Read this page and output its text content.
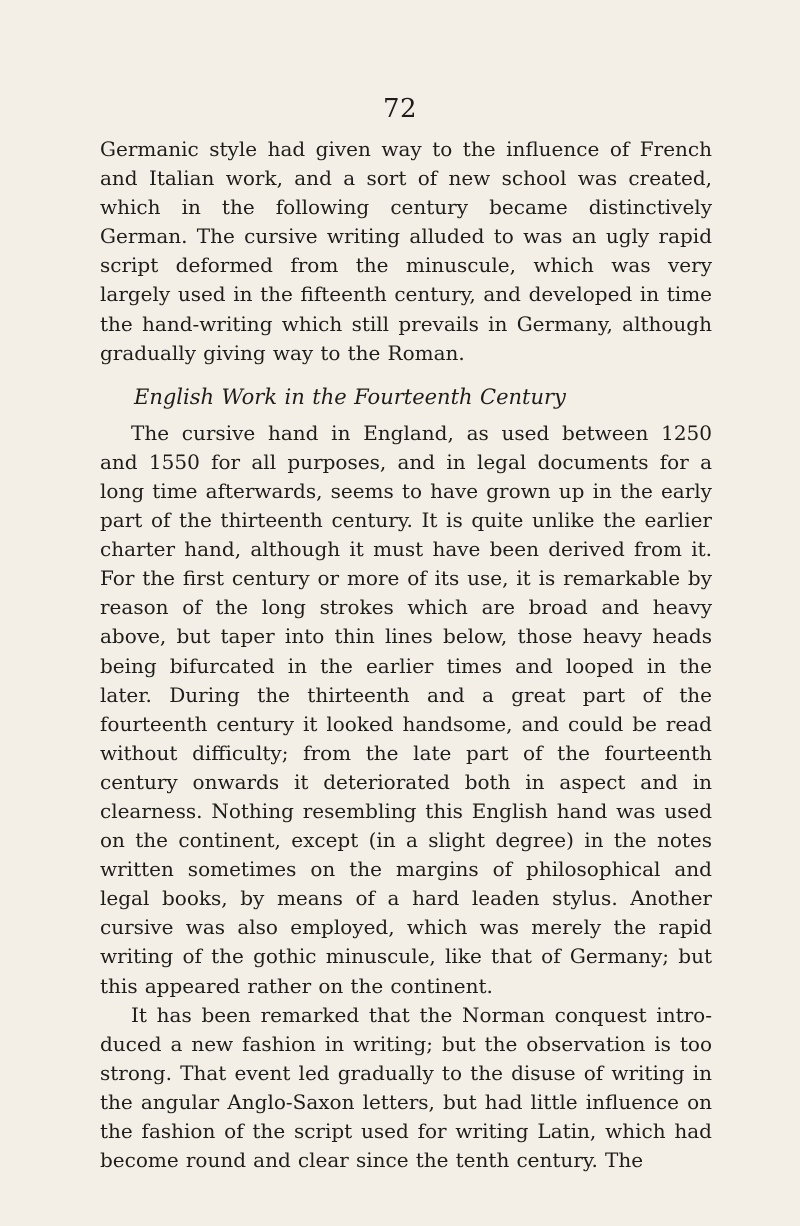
72

Germanic style had given way to the influence of French and Italian work, and a sort of new school was created, which in the following century became distinctively German. The cursive writing alluded to was an ugly rapid script deformed from the minuscule, which was very largely used in the fifteenth century, and developed in time the hand-writing which still prevails in Germany, although gradually giving way to the Roman.

English Work in the Fourteenth Century

The cursive hand in England, as used between 1250 and 1550 for all purposes, and in legal documents for a long time afterwards, seems to have grown up in the early part of the thirteenth century. It is quite unlike the earlier charter hand, although it must have been derived from it. For the first century or more of its use, it is remarkable by reason of the long strokes which are broad and heavy above, but taper into thin lines below, those heavy heads being bifurcated in the earlier times and looped in the later. During the thirteenth and a great part of the fourteenth century it looked handsome, and could be read without difficulty; from the late part of the fourteenth century onwards it deteriorated both in aspect and in clearness. Nothing resembling this English hand was used on the continent, except (in a slight degree) in the notes written sometimes on the margins of philosophical and legal books, by means of a hard leaden stylus. Another cursive was also employed, which was merely the rapid writing of the gothic minuscule, like that of Germany; but this appeared rather on the continent.

It has been remarked that the Norman conquest intro-duced a new fashion in writing; but the observation is too strong. That event led gradually to the disuse of writing in the angular Anglo-Saxon letters, but had little influence on the fashion of the script used for writing Latin, which had become round and clear since the tenth century. The
